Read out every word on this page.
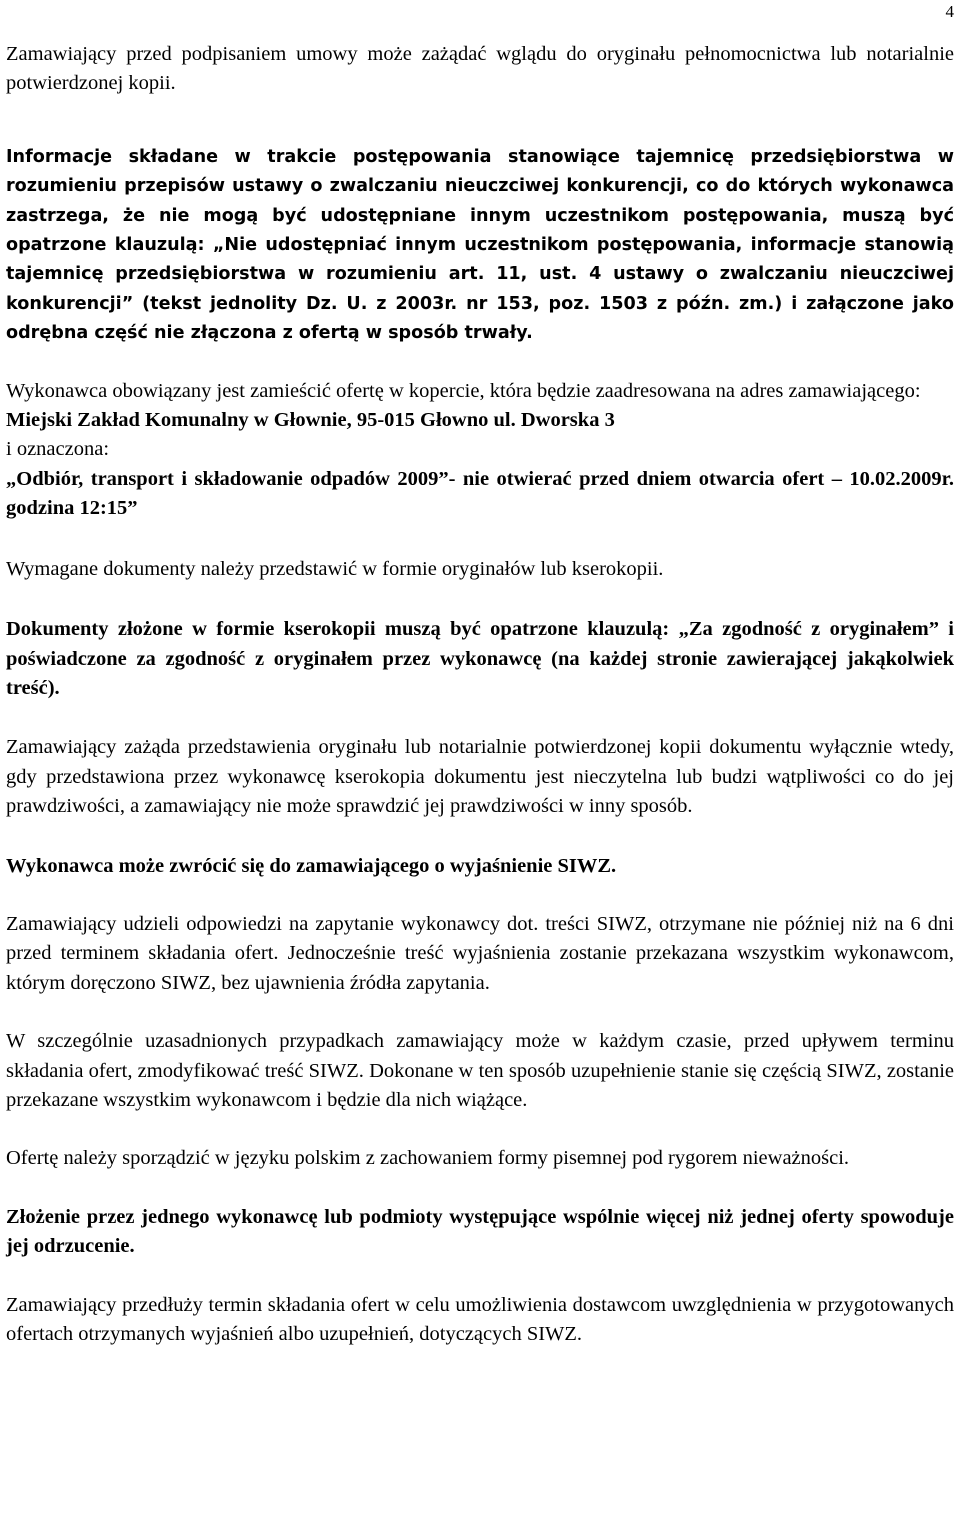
4

Zamawiający przed podpisaniem umowy może zażądać wglądu do oryginału pełnomocnictwa lub notarialnie potwierdzonej kopii.

Informacje składane w trakcie postępowania stanowiące tajemnicę przedsiębiorstwa w rozumieniu przepisów ustawy o zwalczaniu nieuczciwej konkurencji, co do których wykonawca zastrzega, że nie mogą być udostępniane innym uczestnikom postępowania, muszą być opatrzone klauzulą: „Nie udostępniać innym uczestnikom postępowania, informacje stanowią tajemnicę przedsiębiorstwa w rozumieniu art. 11, ust. 4 ustawy o zwalczaniu nieuczciwej konkurencji” (tekst jednolity Dz. U. z 2003r. nr 153, poz. 1503 z późn. zm.) i załączone jako odrębna część nie złączona z ofertą w sposób trwały.

Wykonawca obowiązany jest zamieścić ofertę w kopercie, która będzie zaadresowana na adres zamawiającego:

Miejski Zakład Komunalny w Głownie, 95-015 Głowno ul. Dworska 3

i oznaczona:

„Odbiór, transport i składowanie odpadów 2009”- nie otwierać przed dniem otwarcia ofert – 10.02.2009r. godzina 12:15”

Wymagane dokumenty należy przedstawić w formie oryginałów lub kserokopii.

Dokumenty złożone w formie kserokopii muszą być opatrzone klauzulą: „Za zgodność z oryginałem” i poświadczone za zgodność z oryginałem przez wykonawcę (na każdej stronie zawierającej jakąkolwiek treść).

Zamawiający zażąda przedstawienia oryginału lub notarialnie potwierdzonej kopii dokumentu wyłącznie wtedy, gdy przedstawiona przez wykonawcę kserokopia dokumentu jest nieczytelna lub budzi wątpliwości co do jej prawdziwości, a zamawiający nie może sprawdzić jej prawdziwości w inny sposób.

Wykonawca może zwrócić się do zamawiającego o wyjaśnienie SIWZ.

Zamawiający udzieli odpowiedzi na zapytanie wykonawcy dot. treści SIWZ, otrzymane nie później niż na 6 dni przed terminem składania ofert. Jednocześnie treść wyjaśnienia zostanie przekazana wszystkim wykonawcom, którym doręczono SIWZ, bez ujawnienia źródła zapytania.

W szczególnie uzasadnionych przypadkach zamawiający może w każdym czasie, przed upływem terminu składania ofert, zmodyfikować treść SIWZ. Dokonane w ten sposób uzupełnienie stanie się częścią SIWZ, zostanie przekazane wszystkim wykonawcom i będzie dla nich wiążące.

Ofertę należy sporządzić w języku polskim z zachowaniem formy pisemnej pod rygorem nieważności.

Złożenie przez jednego wykonawcę lub podmioty występujące wspólnie więcej niż jednej oferty spowoduje jej odrzucenie.

Zamawiający przedłuży termin składania ofert w celu umożliwienia dostawcom uwzględnienia w przygotowanych ofertach otrzymanych wyjaśnień albo uzupełnień, dotyczących SIWZ.
